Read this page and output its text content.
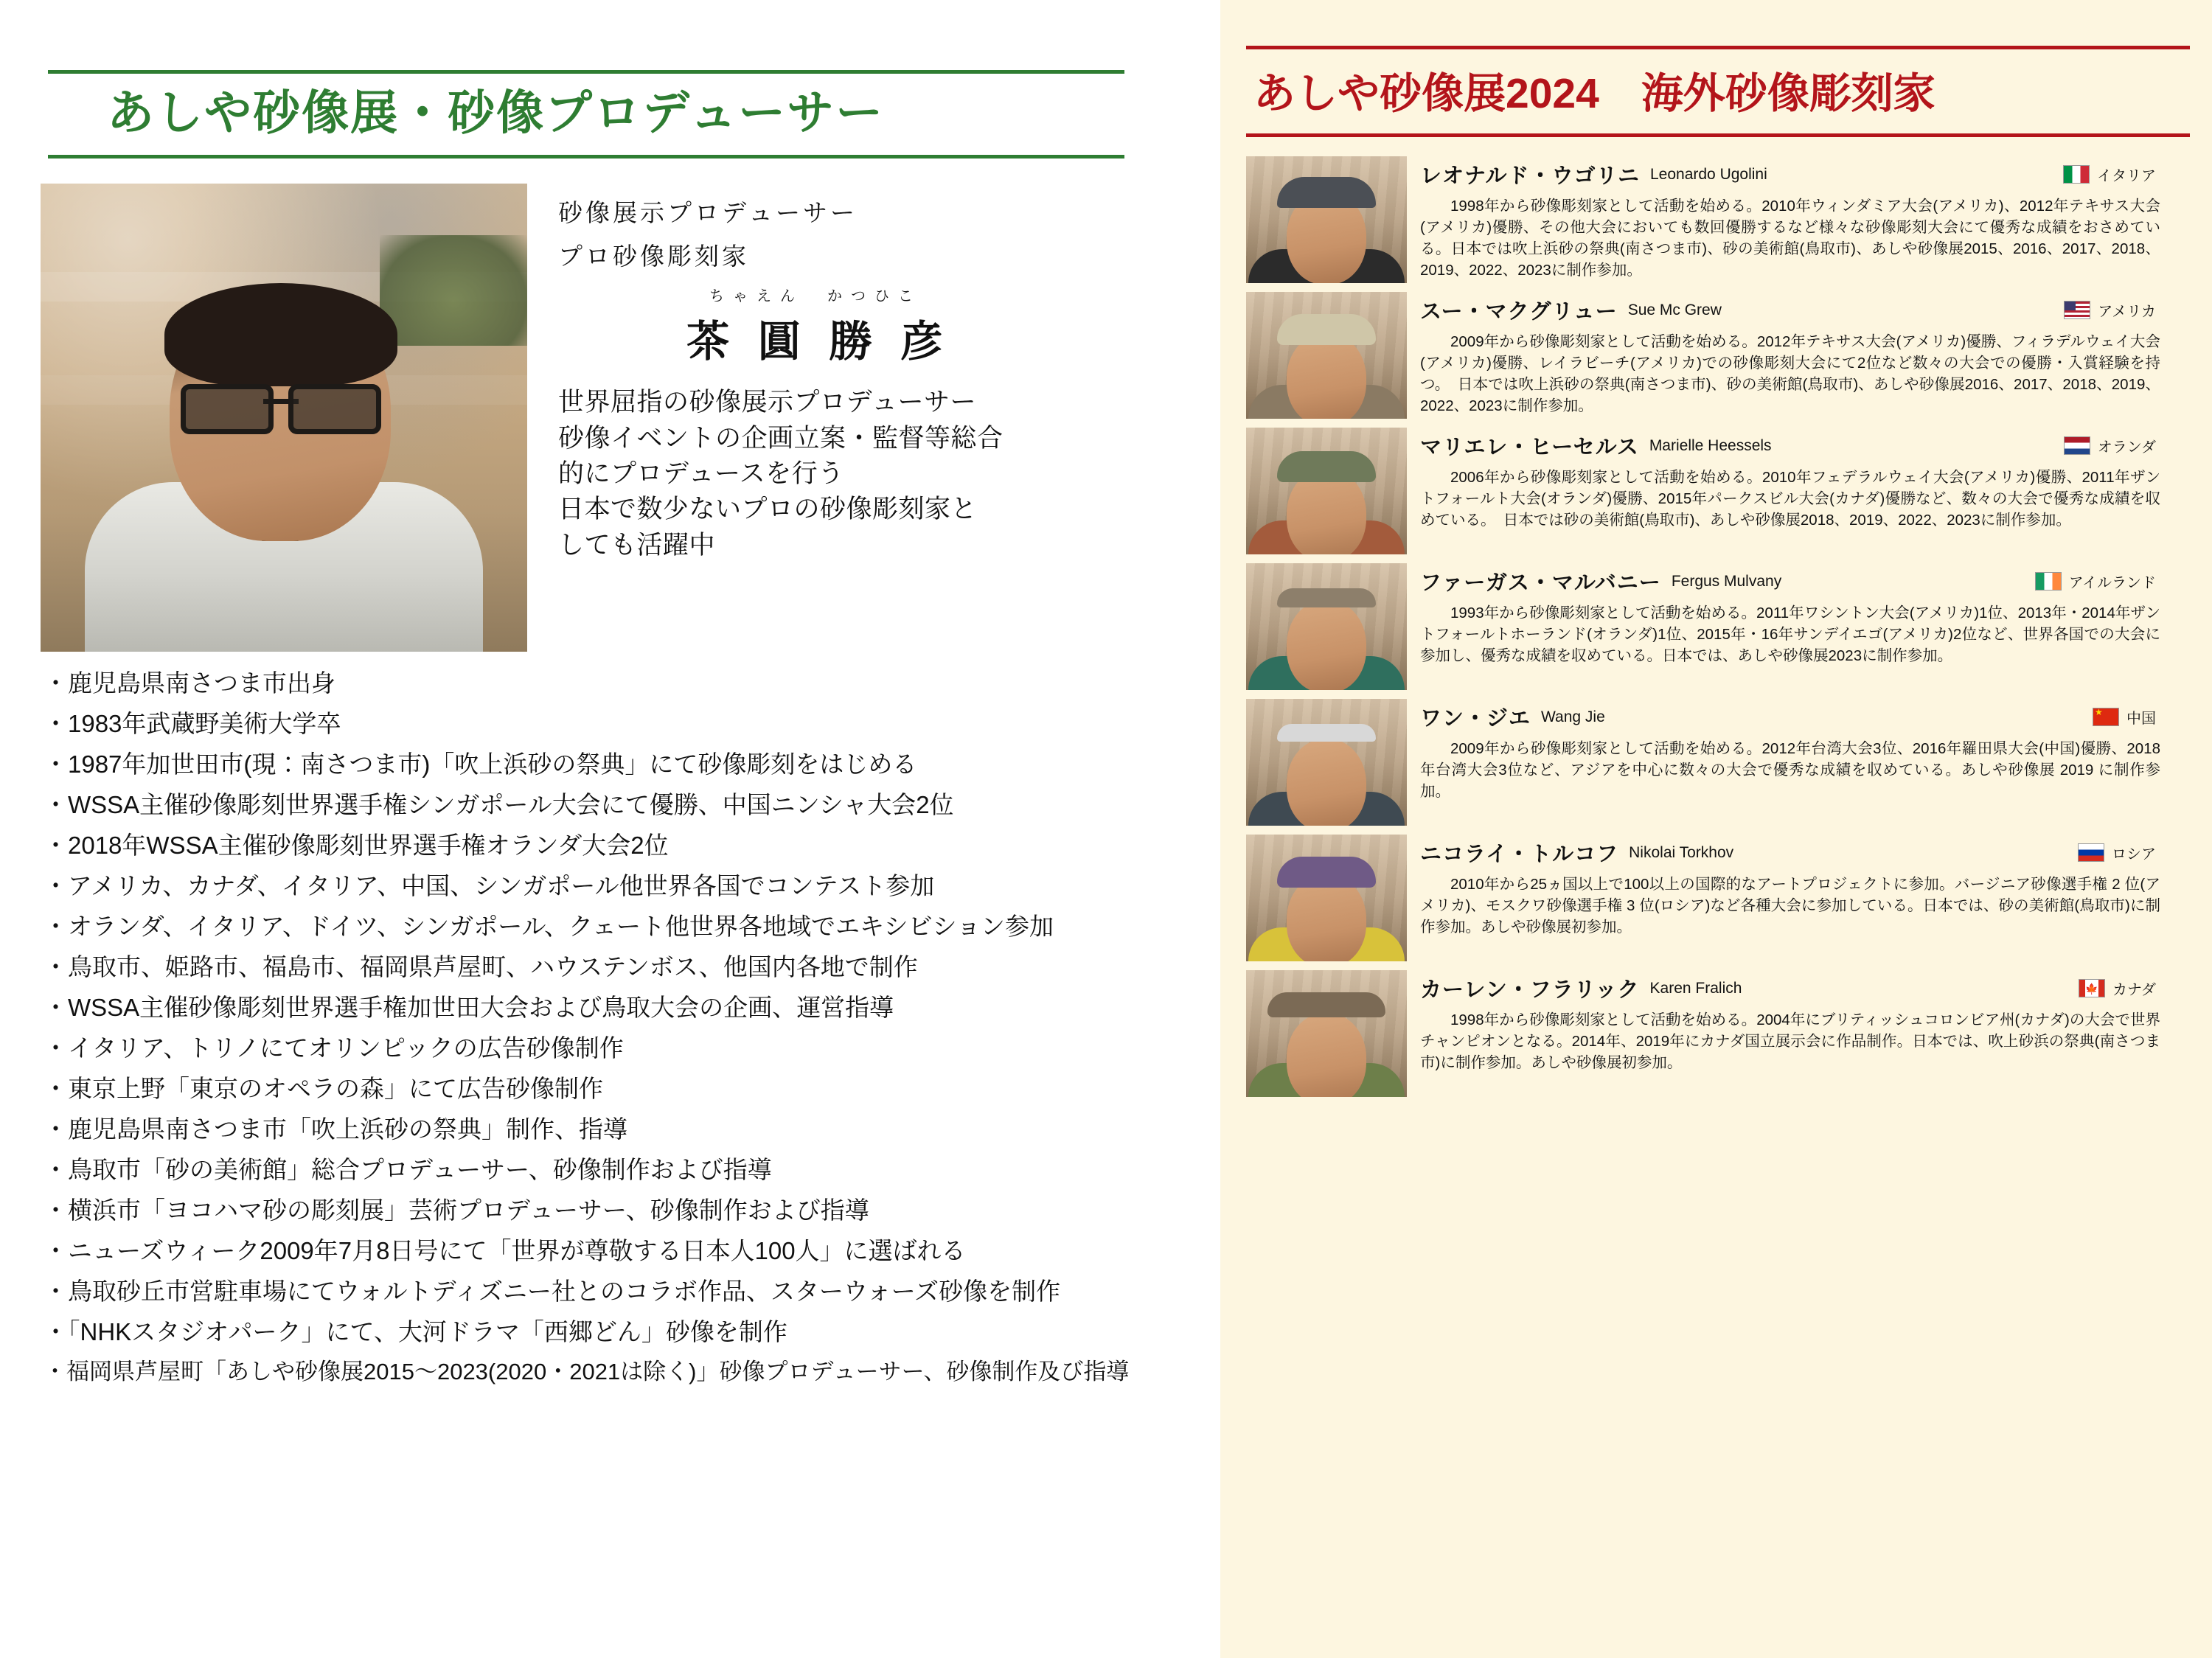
あしや砂像展・砂像プロデューサー
砂像展示プロデューサー
プロ砂像彫刻家
ちゃえん　かつひこ
茶 圓 勝 彦
世界屈指の砂像展示プロデューサー
砂像イベントの企画立案・監督等総合
的にプロデュースを行う
日本で数少ないプロの砂像彫刻家と
しても活躍中
・鹿児島県南さつま市出身
・1983年武蔵野美術大学卒
・1987年加世田市(現：南さつま市)「吹上浜砂の祭典」にて砂像彫刻をはじめる
・WSSA主催砂像彫刻世界選手権シンガポール大会にて優勝、中国ニンシャ大会2位
・2018年WSSA主催砂像彫刻世界選手権オランダ大会2位
・アメリカ、カナダ、イタリア、中国、シンガポール他世界各国でコンテスト参加
・オランダ、イタリア、ドイツ、シンガポール、クェート他世界各地域でエキシビション参加
・鳥取市、姫路市、福島市、福岡県芦屋町、ハウステンボス、他国内各地で制作
・WSSA主催砂像彫刻世界選手権加世田大会および鳥取大会の企画、運営指導
・イタリア、トリノにてオリンピックの広告砂像制作
・東京上野「東京のオペラの森」にて広告砂像制作
・鹿児島県南さつま市「吹上浜砂の祭典」制作、指導
・鳥取市「砂の美術館」総合プロデューサー、砂像制作および指導
・横浜市「ヨコハマ砂の彫刻展」芸術プロデューサー、砂像制作および指導
・ニューズウィーク2009年7月8日号にて「世界が尊敬する日本人100人」に選ばれる
・鳥取砂丘市営駐車場にてウォルトディズニー社とのコラボ作品、スターウォーズ砂像を制作
・「NHKスタジオパーク」にて、大河ドラマ「西郷どん」砂像を制作
・福岡県芦屋町「あしや砂像展2015〜2023(2020・2021は除く)」砂像プロデューサー、砂像制作及び指導
あしや砂像展2024　海外砂像彫刻家
レオナルド・ウゴリニ Leonardo Ugolini	イタリア
1998年から砂像彫刻家として活動を始める。2010年ウィンダミア大会(アメリカ)、2012年テキサス大会(アメリカ)優勝、その他大会においても数回優勝するなど様々な砂像彫刻大会にて優秀な成績をおさめている。日本では吹上浜砂の祭典(南さつま市)、砂の美術館(鳥取市)、あしや砂像展2015、2016、2017、2018、2019、2022、2023に制作参加。
スー・マクグリュー Sue Mc Grew	アメリカ
2009年から砂像彫刻家として活動を始める。2012年テキサス大会(アメリカ)優勝、フィラデルウェイ大会(アメリカ)優勝、レイラビーチ(アメリカ)での砂像彫刻大会にて2位など数々の大会での優勝・入賞経験を持つ。　日本では吹上浜砂の祭典(南さつま市)、砂の美術館(鳥取市)、あしや砂像展2016、2017、2018、2019、2022、2023に制作参加。
マリエレ・ヒーセルス Marielle Heessels	オランダ
2006年から砂像彫刻家として活動を始める。2010年フェデラルウェイ大会(アメリカ)優勝、2011年ザントフォールト大会(オランダ)優勝、2015年パークスビル大会(カナダ)優勝など、数々の大会で優秀な成績を収めている。　日本では砂の美術館(鳥取市)、あしや砂像展2018、2019、2022、2023に制作参加。
ファーガス・マルバニー Fergus Mulvany	アイルランド
1993年から砂像彫刻家として活動を始める。2011年ワシントン大会(アメリカ)1位、2013年・2014年ザントフォールトホーランド(オランダ)1位、2015年・16年サンデイエゴ(アメリカ)2位など、世界各国での大会に参加し、優秀な成績を収めている。日本では、あしや砂像展2023に制作参加。
ワン・ジエ Wang Jie ★	中国
2009年から砂像彫刻家として活動を始める。2012年台湾大会3位、2016年羅田県大会(中国)優勝、2018年台湾大会3位など、アジアを中心に数々の大会で優秀な成績を収めている。あしや砂像展 2019 に制作参加。
ニコライ・トルコフ Nikolai Torkhov	ロシア
2010年から25ヵ国以上で100以上の国際的なアートプロジェクトに参加。バージニア砂像選手権 2 位(アメリカ)、モスクワ砂像選手権 3 位(ロシア)など各種大会に参加している。日本では、砂の美術館(鳥取市)に制作参加。あしや砂像展初参加。
カーレン・フラリック Karen Fralich	🍁 カナダ
1998年から砂像彫刻家として活動を始める。2004年にブリティッシュコロンビア州(カナダ)の大会で世界チャンピオンとなる。2014年、2019年にカナダ国立展示会に作品制作。日本では、吹上砂浜の祭典(南さつま市)に制作参加。あしや砂像展初参加。
